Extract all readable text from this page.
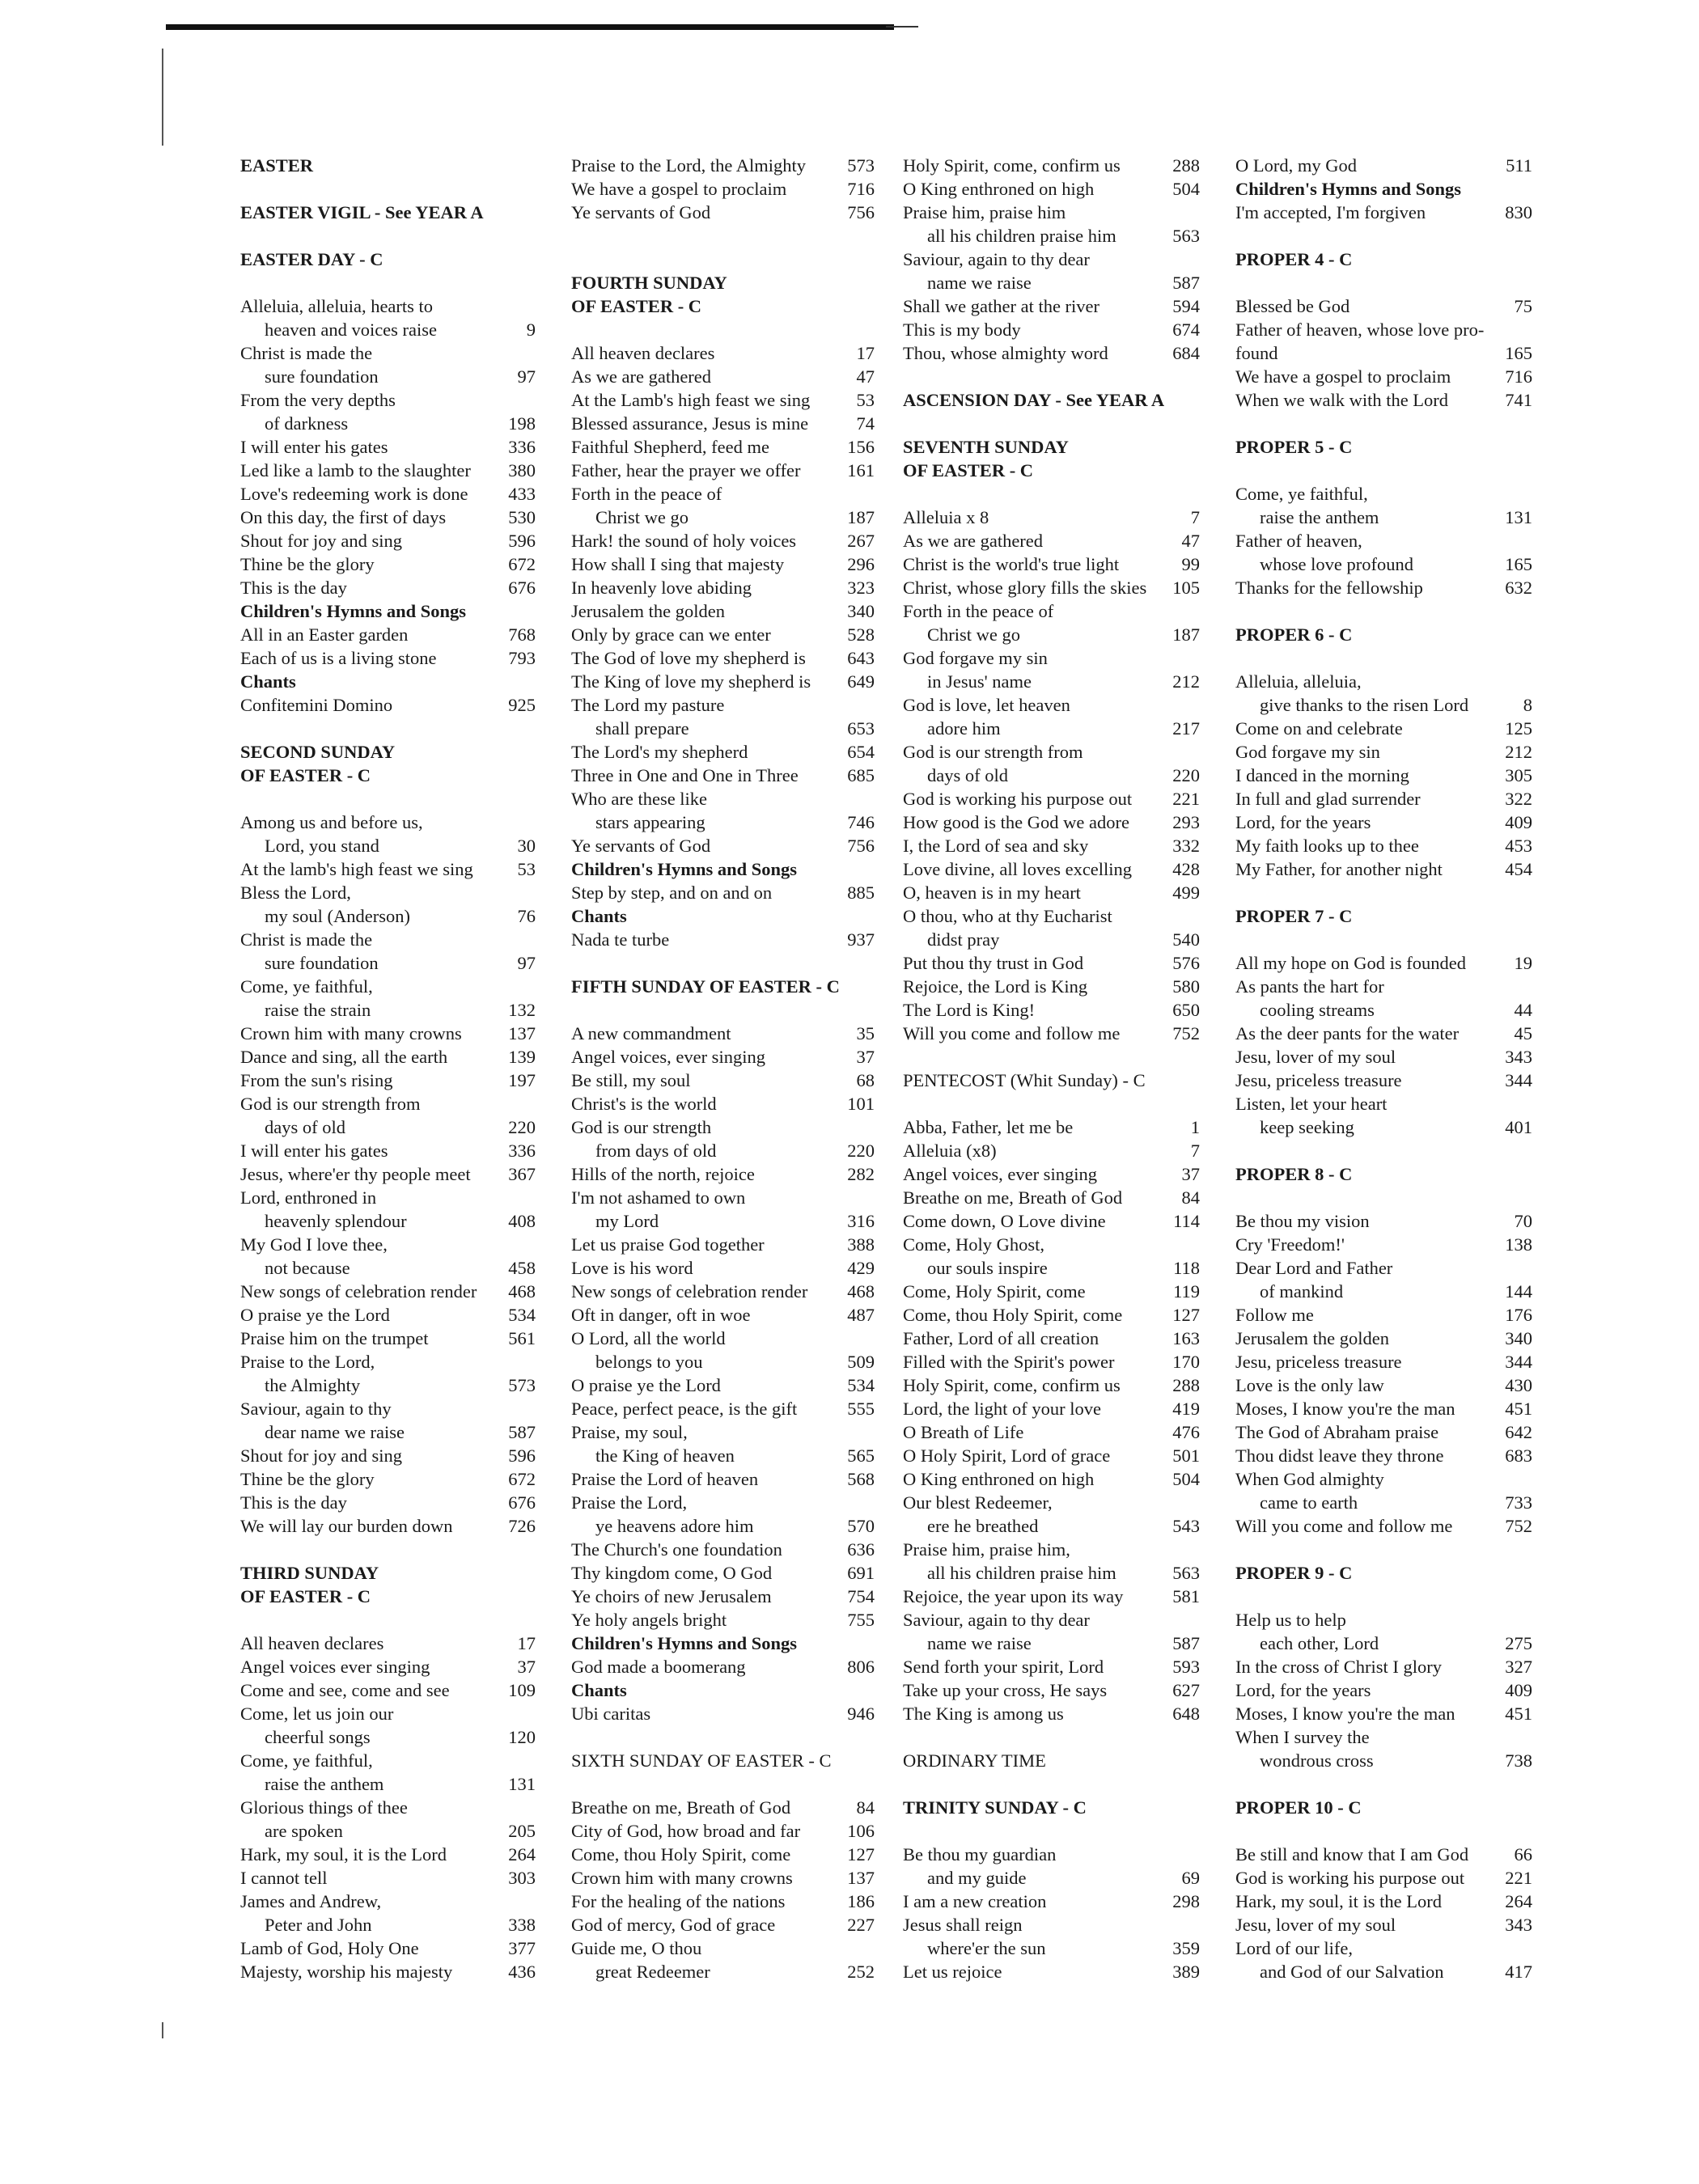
EASTER
EASTER VIGIL - See YEAR A
EASTER DAY - C
Alleluia, alleluia, hearts to
heaven and voices raise	9
Christ is made the
sure foundation	97
From the very depths
of darkness	198
I will enter his gates	336
Led like a lamb to the slaughter	380
Love's redeeming work is done	433
On this day, the first of days	530
Shout for joy and sing	596
Thine be the glory	672
This is the day	676
Children's Hymns and Songs
All in an Easter garden	768
Each of us is a living stone	793
Chants
Confitemini Domino	925
SECOND SUNDAY
OF EASTER - C
Among us and before us,
Lord, you stand	30
At the lamb's high feast we sing	53
Bless the Lord,
my soul (Anderson)	76
Christ is made the
sure foundation	97
Come, ye faithful,
raise the strain	132
Crown him with many crowns	137
Dance and sing, all the earth	139
From the sun's rising	197
God is our strength from
days of old	220
I will enter his gates	336
Jesus, where'er thy people meet	367
Lord, enthroned in
heavenly splendour	408
My God I love thee,
not because	458
New songs of celebration render	468
O praise ye the Lord	534
Praise him on the trumpet	561
Praise to the Lord,
the Almighty	573
Saviour, again to thy
dear name we raise	587
Shout for joy and sing	596
Thine be the glory	672
This is the day	676
We will lay our burden down	726
THIRD SUNDAY
OF EASTER - C
All heaven declares	17
Angel voices ever singing	37
Come and see, come and see	109
Come, let us join our
cheerful songs	120
Come, ye faithful,
raise the anthem	131
Glorious things of thee
are spoken	205
Hark, my soul, it is the Lord	264
I cannot tell	303
James and Andrew,
Peter and John	338
Lamb of God, Holy One	377
Majesty, worship his majesty	436
Praise to the Lord, the Almighty	573
We have a gospel to proclaim	716
Ye servants of God	756
FOURTH SUNDAY
OF EASTER - C
All heaven declares	17
As we are gathered	47
At the Lamb's high feast we sing	53
Blessed assurance, Jesus is mine	74
Faithful Shepherd, feed me	156
Father, hear the prayer we offer	161
Forth in the peace of
Christ we go	187
Hark! the sound of holy voices	267
How shall I sing that majesty	296
In heavenly love abiding	323
Jerusalem the golden	340
Only by grace can we enter	528
The God of love my shepherd is	643
The King of love my shepherd is	649
The Lord my pasture
shall prepare	653
The Lord's my shepherd	654
Three in One and One in Three	685
Who are these like
stars appearing	746
Ye servants of God	756
Children's Hymns and Songs
Step by step, and on and on	885
Chants
Nada te turbe	937
FIFTH SUNDAY OF EASTER - C
A new commandment	35
Angel voices, ever singing	37
Be still, my soul	68
Christ's is the world	101
God is our strength
from days of old	220
Hills of the north, rejoice	282
I'm not ashamed to own
my Lord	316
Let us praise God together	388
Love is his word	429
New songs of celebration render	468
Oft in danger, oft in woe	487
O Lord, all the world
belongs to you	509
O praise ye the Lord	534
Peace, perfect peace, is the gift	555
Praise, my soul,
the King of heaven	565
Praise the Lord of heaven	568
Praise the Lord,
ye heavens adore him	570
The Church's one foundation	636
Thy kingdom come, O God	691
Ye choirs of new Jerusalem	754
Ye holy angels bright	755
Children's Hymns and Songs
God made a boomerang	806
Chants
Ubi caritas	946
SIXTH SUNDAY OF EASTER - C
Breathe on me, Breath of God	84
City of God, how broad and far	106
Come, thou Holy Spirit, come	127
Crown him with many crowns	137
For the healing of the nations	186
God of mercy, God of grace	227
Guide me, O thou
great Redeemer	252
Holy Spirit, come, confirm us	288
O King enthroned on high	504
Praise him, praise him
all his children praise him	563
Saviour, again to thy dear
name we raise	587
Shall we gather at the river	594
This is my body	674
Thou, whose almighty word	684
ASCENSION DAY - See YEAR A
SEVENTH SUNDAY
OF EASTER - C
Alleluia x 8	7
As we are gathered	47
Christ is the world's true light	99
Christ, whose glory fills the skies	105
Forth in the peace of
Christ we go	187
God forgave my sin
in Jesus' name	212
God is love, let heaven
adore him	217
God is our strength from
days of old	220
God is working his purpose out	221
How good is the God we adore	293
I, the Lord of sea and sky	332
Love divine, all loves excelling	428
O, heaven is in my heart	499
O thou, who at thy Eucharist
didst pray	540
Put thou thy trust in God	576
Rejoice, the Lord is King	580
The Lord is King!	650
Will you come and follow me	752
PENTECOST (Whit Sunday) - C
Abba, Father, let me be	1
Alleluia (x8)	7
Angel voices, ever singing	37
Breathe on me, Breath of God	84
Come down, O Love divine	114
Come, Holy Ghost,
our souls inspire	118
Come, Holy Spirit, come	119
Come, thou Holy Spirit, come	127
Father, Lord of all creation	163
Filled with the Spirit's power	170
Holy Spirit, come, confirm us	288
Lord, the light of your love	419
O Breath of Life	476
O Holy Spirit, Lord of grace	501
O King enthroned on high	504
Our blest Redeemer,
ere he breathed	543
Praise him, praise him,
all his children praise him	563
Rejoice, the year upon its way	581
Saviour, again to thy dear
name we raise	587
Send forth your spirit, Lord	593
Take up your cross, He says	627
The King is among us	648
ORDINARY TIME
TRINITY SUNDAY - C
Be thou my guardian
and my guide	69
I am a new creation	298
Jesus shall reign
where'er the sun	359
Let us rejoice	389
O Lord, my God	511
Children's Hymns and Songs
I'm accepted, I'm forgiven	830
PROPER 4 - C
Blessed be God	75
Father of heaven, whose love pro-
found	165
We have a gospel to proclaim	716
When we walk with the Lord	741
PROPER 5 - C
Come, ye faithful,
raise the anthem	131
Father of heaven,
whose love profound	165
Thanks for the fellowship	632
PROPER 6 - C
Alleluia, alleluia,
give thanks to the risen Lord	8
Come on and celebrate	125
God forgave my sin	212
I danced in the morning	305
In full and glad surrender	322
Lord, for the years	409
My faith looks up to thee	453
My Father, for another night	454
PROPER 7 - C
All my hope on God is founded	19
As pants the hart for
cooling streams	44
As the deer pants for the water	45
Jesu, lover of my soul	343
Jesu, priceless treasure	344
Listen, let your heart
keep seeking	401
PROPER 8 - C
Be thou my vision	70
Cry 'Freedom!'	138
Dear Lord and Father
of mankind	144
Follow me	176
Jerusalem the golden	340
Jesu, priceless treasure	344
Love is the only law	430
Moses, I know you're the man	451
The God of Abraham praise	642
Thou didst leave they throne	683
When God almighty
came to earth	733
Will you come and follow me	752
PROPER 9 - C
Help us to help
each other, Lord	275
In the cross of Christ I glory	327
Lord, for the years	409
Moses, I know you're the man	451
When I survey the
wondrous cross	738
PROPER 10 - C
Be still and know that I am God	66
God is working his purpose out	221
Hark, my soul, it is the Lord	264
Jesu, lover of my soul	343
Lord of our life,
and God of our Salvation	417
